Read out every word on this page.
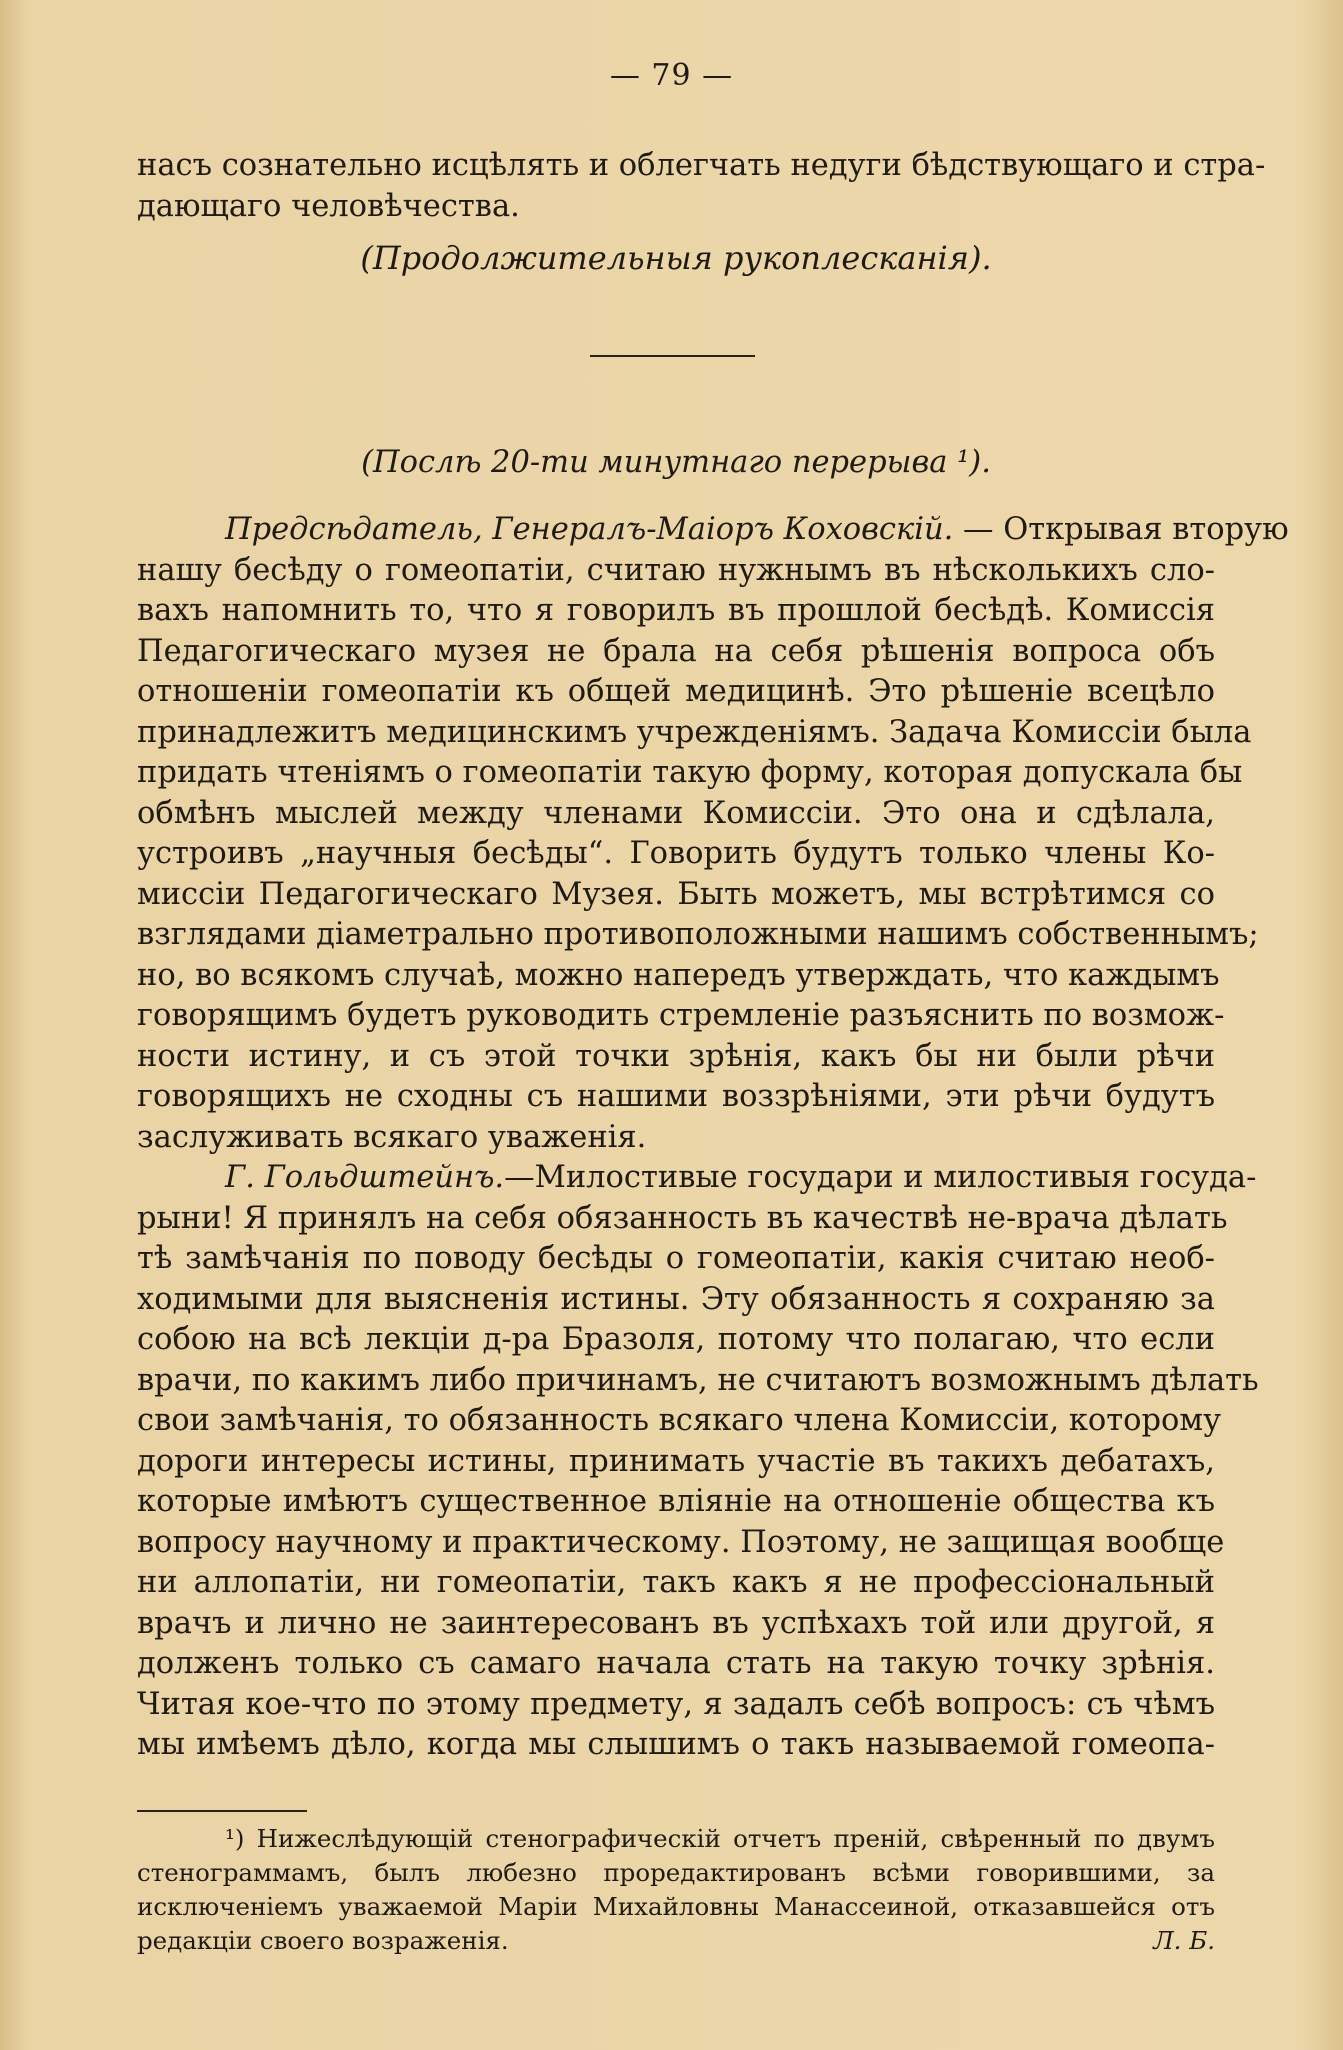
— 79 —
насъ сознательно исцѣлять и облегчать недуги бѣдствующаго и стра-
дающаго человѣчества.
(Продолжительныя рукоплесканія).
(Послѣ 20-ти минутнаго перерыва ¹).
Предсѣдатель, Генералъ-Маіоръ Коховскій. — Открывая вторую
нашу бесѣду о гомеопатіи, считаю нужнымъ въ нѣсколькихъ сло-
вахъ напомнить то, что я говорилъ въ прошлой бесѣдѣ. Комиссія
Педагогическаго музея не брала на себя рѣшенія вопроса объ
отношеніи гомеопатіи къ общей медицинѣ. Это рѣшеніе всецѣло
принадлежитъ медицинскимъ учрежденіямъ. Задача Комиссіи была
придать чтеніямъ о гомеопатіи такую форму, которая допускала бы
обмѣнъ мыслей между членами Комиссіи. Это она и сдѣлала,
устроивъ „научныя бесѣды“. Говорить будутъ только члены Ко-
миссіи Педагогическаго Музея. Быть можетъ, мы встрѣтимся со
взглядами діаметрально противоположными нашимъ собственнымъ;
но, во всякомъ случаѣ, можно напередъ утверждать, что каждымъ
говорящимъ будетъ руководить стремленіе разъяснить по возмож-
ности истину, и съ этой точки зрѣнія, какъ бы ни были рѣчи
говорящихъ не сходны съ нашими воззрѣніями, эти рѣчи будутъ
заслуживать всякаго уваженія.
Г. Гольдштейнъ.—Милостивые государи и милостивыя госуда-
рыни! Я принялъ на себя обязанность въ качествѣ не-врача дѣлать
тѣ замѣчанія по поводу бесѣды о гомеопатіи, какія считаю необ-
ходимыми для выясненія истины. Эту обязанность я сохраняю за
собою на всѣ лекціи д-ра Бразоля, потому что полагаю, что если
врачи, по какимъ либо причинамъ, не считаютъ возможнымъ дѣлать
свои замѣчанія, то обязанность всякаго члена Комиссіи, которому
дороги интересы истины, принимать участіе въ такихъ дебатахъ,
которые имѣютъ существенное вліяніе на отношеніе общества къ
вопросу научному и практическому. Поэтому, не защищая вообще
ни аллопатіи, ни гомеопатіи, такъ какъ я не профессіональный
врачъ и лично не заинтересованъ въ успѣхахъ той или другой, я
долженъ только съ самаго начала стать на такую точку зрѣнія.
Читая кое-что по этому предмету, я задалъ себѣ вопросъ: съ чѣмъ
мы имѣемъ дѣло, когда мы слышимъ о такъ называемой гомеопа-
¹) Нижеслѣдующій стенографическій отчетъ преній, свѣренный по двумъ
стенограммамъ, былъ любезно проредактированъ всѣми говорившими, за
исключеніемъ уважаемой Маріи Михайловны Манассеиной, отказавшейся отъ
редакціи своего возраженія.	Л. Б.
